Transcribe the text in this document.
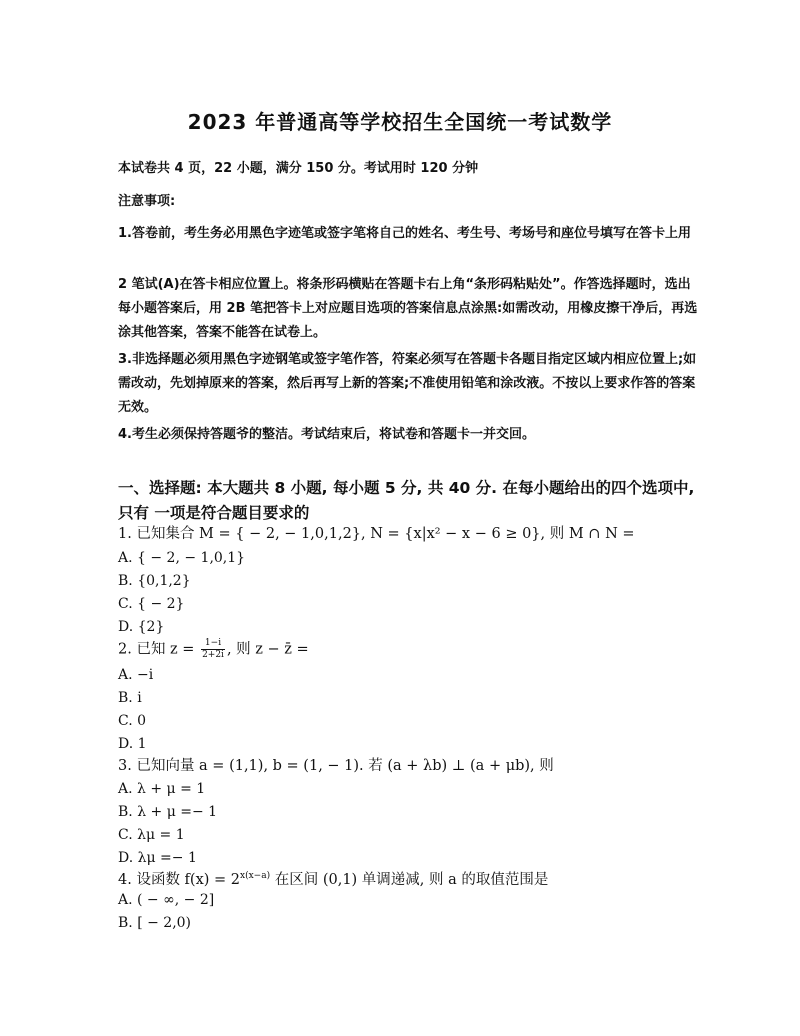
2023 年普通高等学校招生全国统一考试数学
本试卷共 4 页，22 小题，满分 150 分。考试用时 120 分钟
注意事项:
1.答卷前，考生务必用黑色字迹笔或签字笔将自己的姓名、考生号、考场号和座位号填写在答卡上用
2 笔试(A)在答卡相应位置上。将条形码横贴在答题卡右上角“条形码粘贴处”。作答选择题时，选出每小题答案后，用 2B 笔把答卡上对应题目选项的答案信息点涂黑:如需改动，用橡皮擦干净后，再选涂其他答案，答案不能答在试卷上。
3.非选择题必须用黑色字迹钢笔或签字笔作答，符案必须写在答题卡各题目指定区域内相应位置上;如需改动，先划掉原来的答案，然后再写上新的答案;不准使用铅笔和涂改液。不按以上要求作答的答案无效。
4.考生必须保持答题爷的整洁。考试结束后，将试卷和答题卡一并交回。
一、选择题: 本大题共 8 小题, 每小题 5 分, 共 40 分. 在每小题给出的四个选项中, 只有 一项是符合题目要求的
1. 已知集合 M = { − 2, − 1,0,1,2}, N = {x|x² − x − 6 ≥ 0}, 则 M ∩ N =
A. { − 2, − 1,0,1}
B. {0,1,2}
C. { − 2}
D. {2}
2. 已知 $z = \frac{1-i}{2+2i}$ , 则 z − z̄ =
A. −i
B. i
C. 0
D. 1
3. 已知向量 a = (1,1), b = (1, − 1). 若 (a + λb) ⊥ (a + μb), 则
A. λ + μ = 1
B. λ + μ =− 1
C. λμ = 1
D. λμ =− 1
4. 设函数 $f(x) = 2^{x(x-a)}$ 在区间 (0,1) 单调递减, 则 a 的取值范围是
A. ( − ∞, − 2]
B. [ − 2,0)
